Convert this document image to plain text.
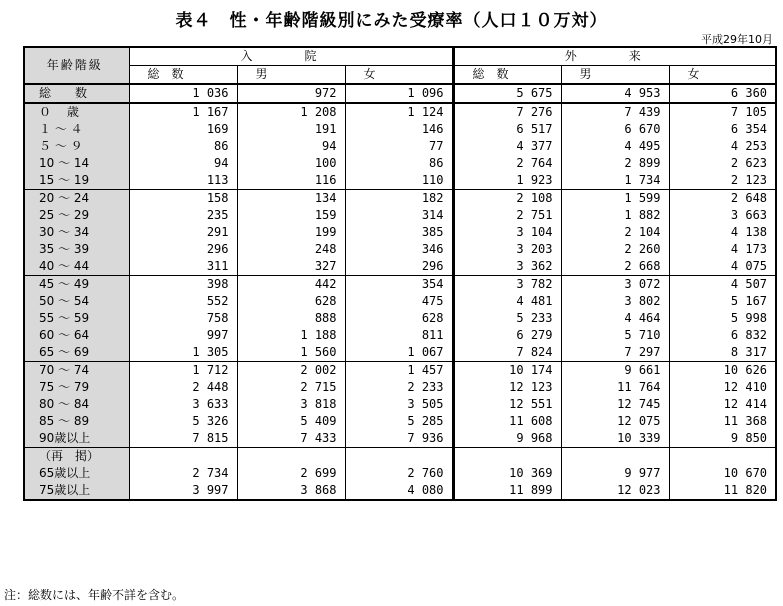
表４　性・年齢階級別にみた受療率（人口１０万対）
平成29年10月
年齢階級	入　院			外　来		
	総　数	男	女	総　数	男	女
総　　数	1 036	972	1 096	5 675	4 953	6 360
０　 歳	1 167	1 208	1 124	7 276	7 439	7 105
１ ～ ４	169	191	146	6 517	6 670	6 354
５ ～ ９	86	94	77	4 377	4 495	4 253
10 ～ 14	94	100	86	2 764	2 899	2 623
15 ～ 19	113	116	110	1 923	1 734	2 123
20 ～ 24	158	134	182	2 108	1 599	2 648
25 ～ 29	235	159	314	2 751	1 882	3 663
30 ～ 34	291	199	385	3 104	2 104	4 138
35 ～ 39	296	248	346	3 203	2 260	4 173
40 ～ 44	311	327	296	3 362	2 668	4 075
45 ～ 49	398	442	354	3 782	3 072	4 507
50 ～ 54	552	628	475	4 481	3 802	5 167
55 ～ 59	758	888	628	5 233	4 464	5 998
60 ～ 64	997	1 188	811	6 279	5 710	6 832
65 ～ 69	1 305	1 560	1 067	7 824	7 297	8 317
70 ～ 74	1 712	2 002	1 457	10 174	9 661	10 626
75 ～ 79	2 448	2 715	2 233	12 123	11 764	12 410
80 ～ 84	3 633	3 818	3 505	12 551	12 745	12 414
85 ～ 89	5 326	5 409	5 285	11 608	12 075	11 368
90歳以上	7 815	7 433	7 936	9 968	10 339	9 850
（再　掲）						
65歳以上	2 734	2 699	2 760	10 369	9 977	10 670
75歳以上	3 997	3 868	4 080	11 899	12 023	11 820
注：総数には、年齢不詳を含む。
